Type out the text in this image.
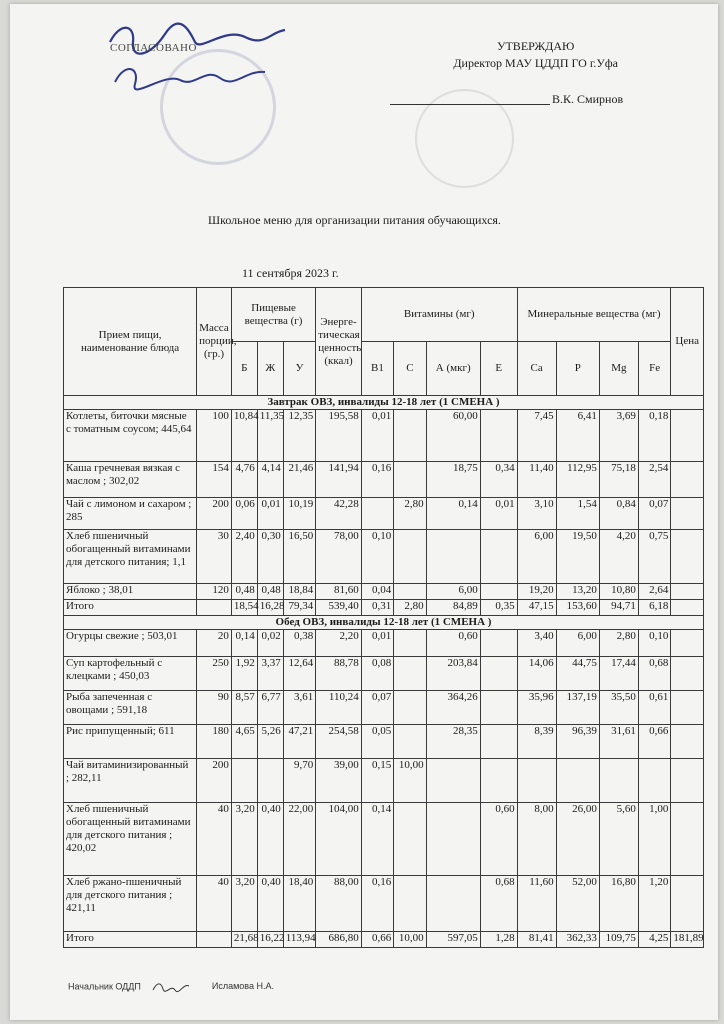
СОГЛАСОВАНО	УТВЕРЖДАЮ
Директор МАУ ЦДДП ГО г.Уфа
В.К. Смирнов
Школьное меню для организации питания обучающихся.
11 сентября 2023 г.
Прием пищи, наименование блюда	Масса порции, (гр.)	Пищевые вещества (г)			Энерге-тическая ценность (ккал)	Витамины (мг)				Минеральные вещества (мг)				Цена
		Б	Ж	У		В1	С	А (мкг)	Е	Са	Р	Mg	Fe	
Завтрак ОВЗ, инвалиды 12-18 лет (1 СМЕНА )														
Котлеты, биточки мясные с томатным соусом; 445,64	100	10,84	11,35	12,35	195,58	0,01		60,00		7,45	6,41	3,69	0,18	
Каша гречневая вязкая с маслом ; 302,02	154	4,76	4,14	21,46	141,94	0,16		18,75	0,34	11,40	112,95	75,18	2,54	
Чай с лимоном и сахаром ; 285	200	0,06	0,01	10,19	42,28		2,80	0,14	0,01	3,10	1,54	0,84	0,07	
Хлеб пшеничный обогащенный витаминами для детского питания; 1,1	30	2,40	0,30	16,50	78,00	0,10				6,00	19,50	4,20	0,75	
Яблоко ; 38,01	120	0,48	0,48	18,84	81,60	0,04		6,00		19,20	13,20	10,80	2,64	
Итого		18,54	16,28	79,34	539,40	0,31	2,80	84,89	0,35	47,15	153,60	94,71	6,18	
Обед ОВЗ, инвалиды 12-18 лет (1 СМЕНА )														
Огурцы свежие ; 503,01	20	0,14	0,02	0,38	2,20	0,01		0,60		3,40	6,00	2,80	0,10	
Суп картофельный с клецками ; 450,03	250	1,92	3,37	12,64	88,78	0,08		203,84		14,06	44,75	17,44	0,68	
Рыба запеченная с овощами ; 591,18	90	8,57	6,77	3,61	110,24	0,07		364,26		35,96	137,19	35,50	0,61	
Рис припущенный; 611	180	4,65	5,26	47,21	254,58	0,05		28,35		8,39	96,39	31,61	0,66	
Чай витаминизированный ; 282,11	200			9,70	39,00	0,15	10,00							
Хлеб пшеничный обогащенный витаминами для детского питания ; 420,02	40	3,20	0,40	22,00	104,00	0,14			0,60	8,00	26,00	5,60	1,00	
Хлеб ржано-пшеничный для детского питания ; 421,11	40	3,20	0,40	18,40	88,00	0,16			0,68	11,60	52,00	16,80	1,20	
Итого		21,68	16,22	113,94	686,80	0,66	10,00	597,05	1,28	81,41	362,33	109,75	4,25	181,89
Начальник ОДДП	Исламова Н.А.
